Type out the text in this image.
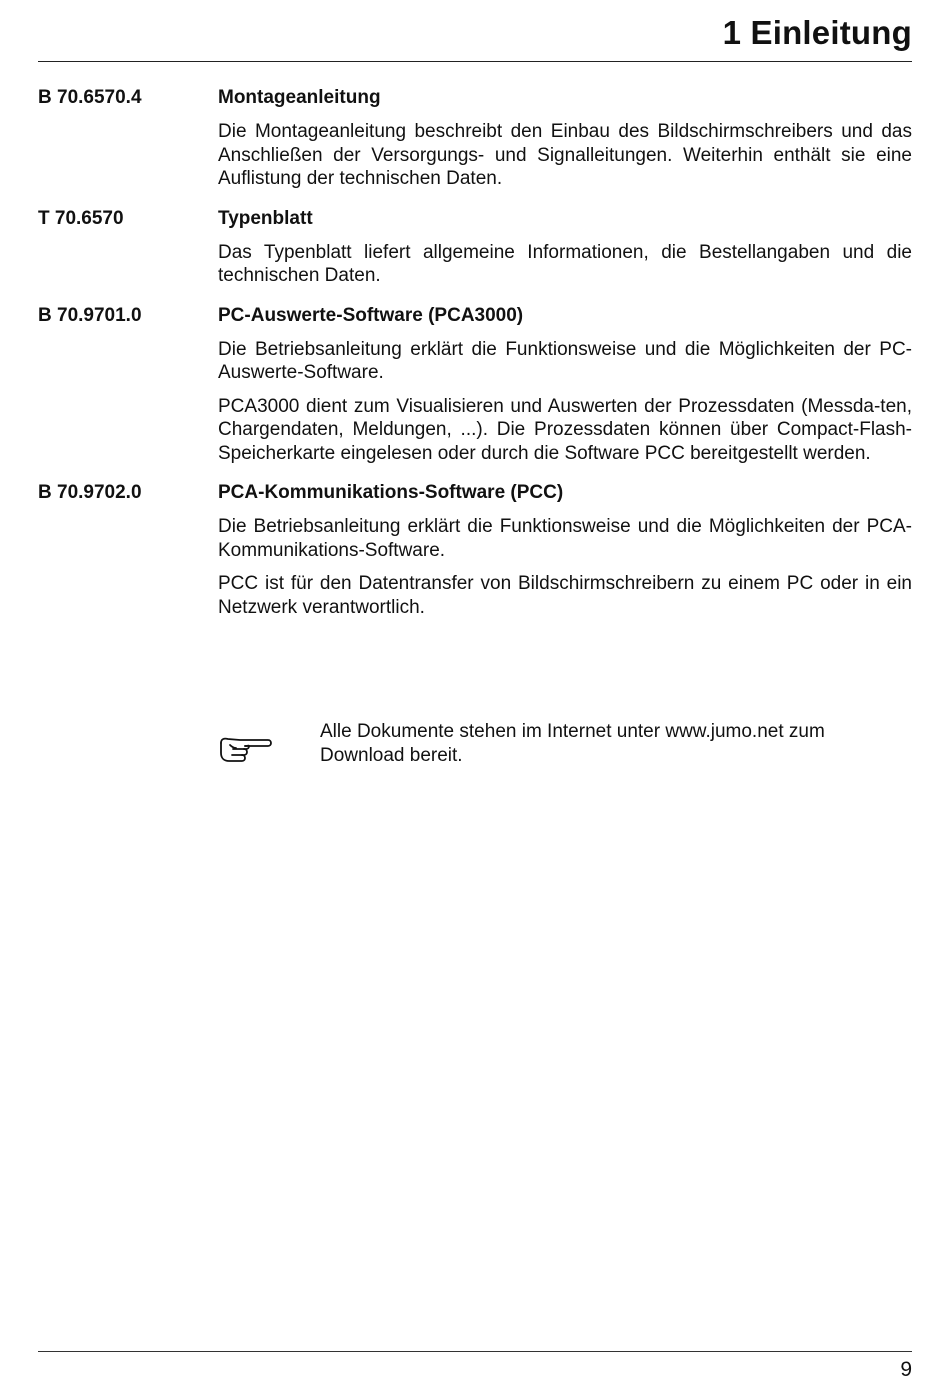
1 Einleitung
B 70.6570.4	Montageanleitung

Die Montageanleitung beschreibt den Einbau des Bildschirmschreibers und das Anschließen der Versorgungs- und Signalleitungen. Weiterhin enthält sie eine Auflistung der technischen Daten.

T 70.6570	Typenblatt

Das Typenblatt liefert allgemeine Informationen, die Bestellangaben und die technischen Daten.

B 70.9701.0	PC-Auswerte-Software (PCA3000)

Die Betriebsanleitung erklärt die Funktionsweise und die Möglichkeiten der PC-Auswerte-Software.

PCA3000 dient zum Visualisieren und Auswerten der Prozessdaten (Messda-ten, Chargendaten, Meldungen, ...). Die Prozessdaten können über Compact-Flash-Speicherkarte eingelesen oder durch die Software PCC bereitgestellt werden.

B 70.9702.0	PCA-Kommunikations-Software (PCC)

Die Betriebsanleitung erklärt die Funktionsweise und die Möglichkeiten der PCA-Kommunikations-Software.

PCC ist für den Datentransfer von Bildschirmschreibern zu einem PC oder in ein Netzwerk verantwortlich.

Alle Dokumente stehen im Internet unter www.jumo.net zum Download bereit.
9
